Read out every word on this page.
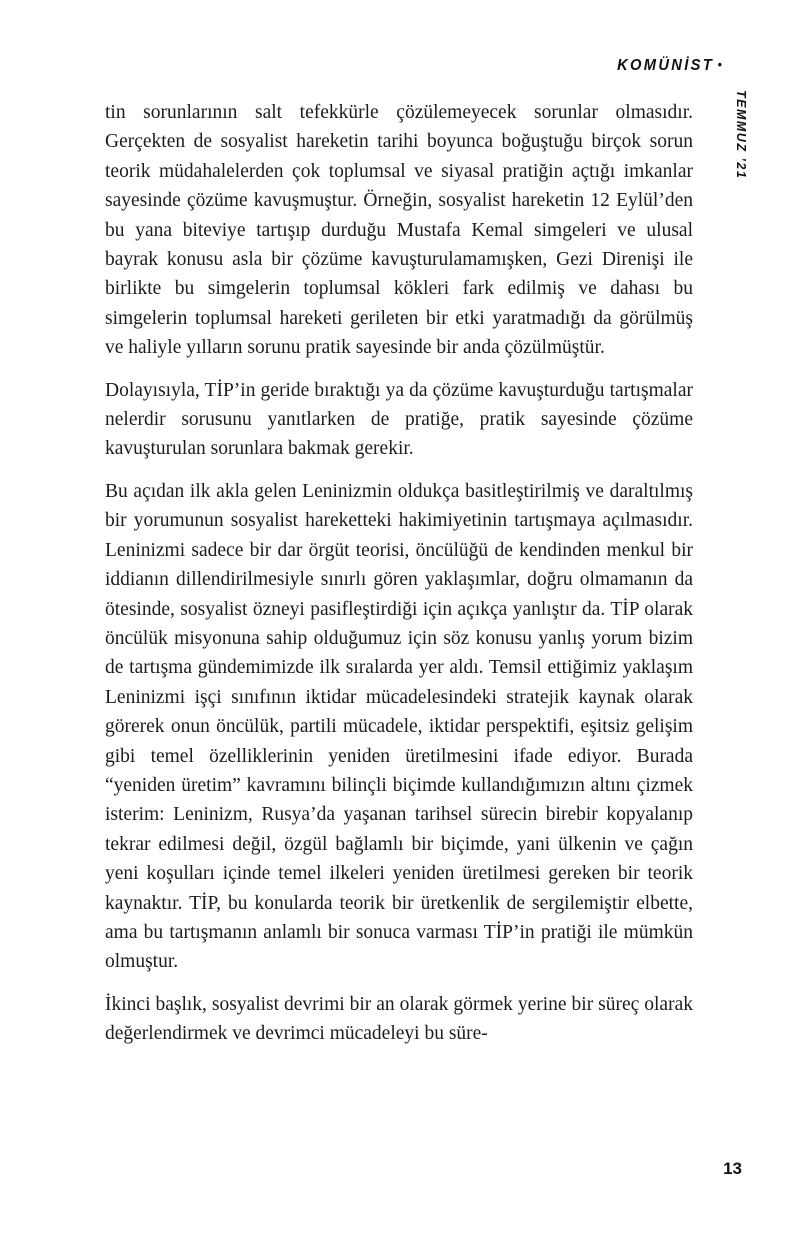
KOMÜNİST •
TEMMUZ ’21

tin sorunlarının salt tefekkürle çözülemeyecek sorunlar olmasıdır. Gerçekten de sosyalist hareketin tarihi boyunca boğuştuğu birçok sorun teorik müdahalelerden çok toplumsal ve siyasal pratiğin açtığı imkanlar sayesinde çözüme kavuşmuştur. Örneğin, sosyalist hareketin 12 Eylül’den bu yana biteviye tartışıp durduğu Mustafa Kemal simgeleri ve ulusal bayrak konusu asla bir çözüme kavuşturulamamışken, Gezi Direnişi ile birlikte bu simgelerin toplumsal kökleri fark edilmiş ve dahası bu simgelerin toplumsal hareketi gerileten bir etki yaratmadığı da görülmüş ve haliyle yılların sorunu pratik sayesinde bir anda çözülmüştür.

Dolayısıyla, TİP’in geride bıraktığı ya da çözüme kavuşturduğu tartışmalar nelerdir sorusunu yanıtlarken de pratiğe, pratik sayesinde çözüme kavuşturulan sorunlara bakmak gerekir.

Bu açıdan ilk akla gelen Leninizmin oldukça basitleştirilmiş ve daraltılmış bir yorumunun sosyalist hareketteki hakimiyetinin tartışmaya açılmasıdır. Leninizmi sadece bir dar örgüt teorisi, öncülüğü de kendinden menkul bir iddianın dillendirilmesiyle sınırlı gören yaklaşımlar, doğru olmamanın da ötesinde, sosyalist özneyi pasifleştirdiği için açıkça yanlıştır da. TİP olarak öncülük misyonuna sahip olduğumuz için söz konusu yanlış yorum bizim de tartışma gündemimizde ilk sıralarda yer aldı. Temsil ettiğimiz yaklaşım Leninizmi işçi sınıfının iktidar mücadelesindeki stratejik kaynak olarak görerek onun öncülük, partili mücadele, iktidar perspektifi, eşitsiz gelişim gibi temel özelliklerinin yeniden üretilmesini ifade ediyor. Burada “yeniden üretim” kavramını bilinçli biçimde kullandığımızın altını çizmek isterim: Leninizm, Rusya’da yaşanan tarihsel sürecin birebir kopyalanıp tekrar edilmesi değil, özgül bağlamlı bir biçimde, yani ülkenin ve çağın yeni koşulları içinde temel ilkeleri yeniden üretilmesi gereken bir teorik kaynaktır. TİP, bu konularda teorik bir üretkenlik de sergilemiştir elbette, ama bu tartışmanın anlamlı bir sonuca varması TİP’in pratiği ile mümkün olmuştur.

İkinci başlık, sosyalist devrimi bir an olarak görmek yerine bir süreç olarak değerlendirmek ve devrimci mücadeleyi bu süre-

13
